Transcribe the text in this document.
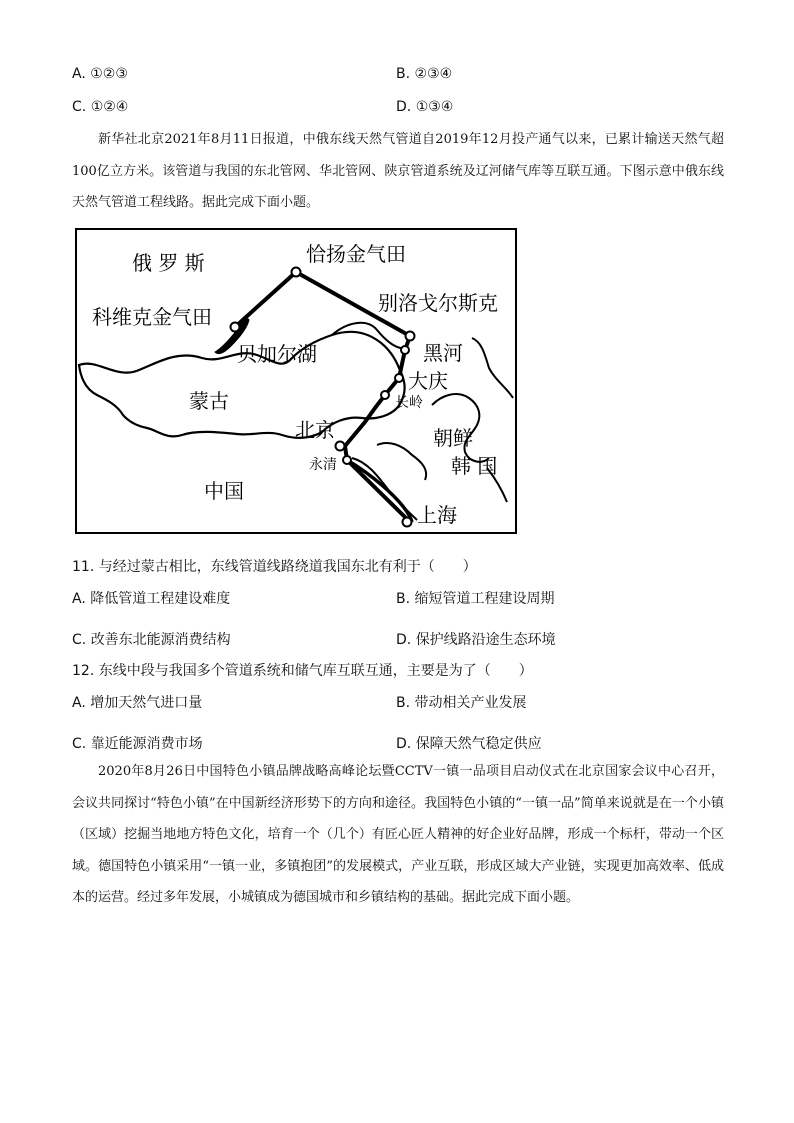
A. ①②③	B. ②③④
C. ①②④	D. ①③④

新华社北京2021年8月11日报道，中俄东线天然气管道自2019年12月投产通气以来，已累计输送天然气超100亿立方米。该管道与我国的东北管网、华北管网、陕京管道系统及辽河储气库等互联互通。下图示意中俄东线天然气管道工程线路。据此完成下面小题。

俄 罗 斯	恰扬金气田
别洛戈尔斯克
科维克金气田
贝加尔湖	黑河
蒙古
大庆
长岭
北京	朝鲜
韩 国
永清
中国
上海
11. 与经过蒙古相比，东线管道线路绕道我国东北有利于（　　）
A. 降低管道工程建设难度	B. 缩短管道工程建设周期
C. 改善东北能源消费结构	D. 保护线路沿途生态环境
12. 东线中段与我国多个管道系统和储气库互联互通，主要是为了（　　）
A. 增加天然气进口量	B. 带动相关产业发展
C. 靠近能源消费市场	D. 保障天然气稳定供应

2020年8月26日中国特色小镇品牌战略高峰论坛暨CCTV一镇一品项目启动仪式在北京国家会议中心召开，会议共同探讨“特色小镇”在中国新经济形势下的方向和途径。我国特色小镇的“一镇一品”简单来说就是在一个小镇（区域）挖掘当地地方特色文化，培育一个（几个）有匠心匠人精神的好企业好品牌，形成一个标杆，带动一个区域。德国特色小镇采用“一镇一业，多镇抱团”的发展模式，产业互联，形成区域大产业链，实现更加高效率、低成本的运营。经过多年发展，小城镇成为德国城市和乡镇结构的基础。据此完成下面小题。
